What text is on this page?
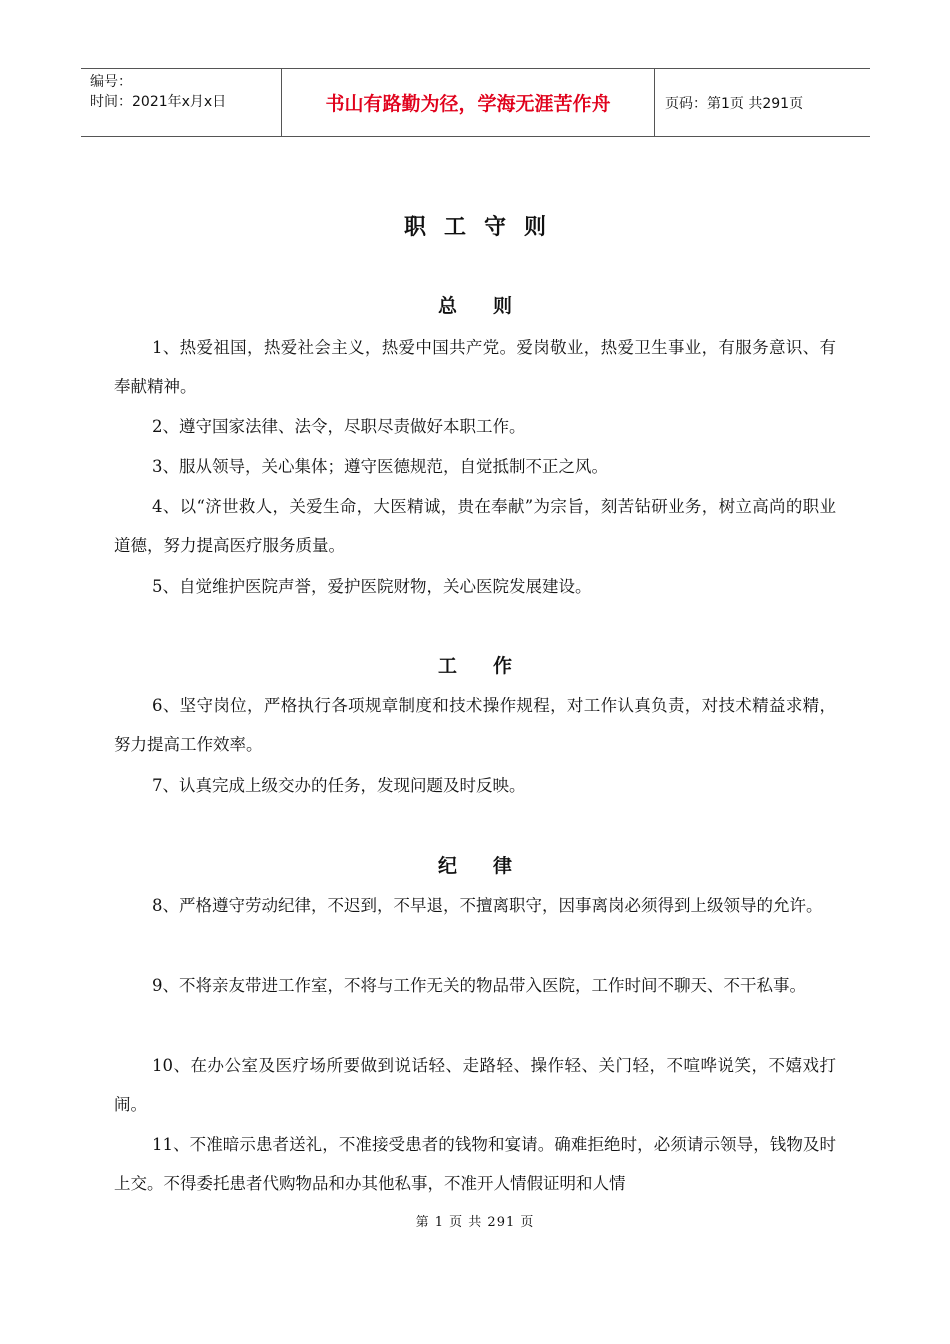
编号：
时间：2021年x月x日	书山有路勤为径，学海无涯苦作舟	页码：第1页 共291页
职工守则
总则

1、热爱祖国，热爱社会主义，热爱中国共产党。爱岗敬业，热爱卫生事业，有服务意识、有奉献精神。

2、遵守国家法律、法令，尽职尽责做好本职工作。

3、服从领导，关心集体；遵守医德规范，自觉抵制不正之风。

4、以“济世救人，关爱生命，大医精诚，贵在奉献”为宗旨，刻苦钻研业务，树立高尚的职业道德，努力提高医疗服务质量。

5、自觉维护医院声誉，爱护医院财物，关心医院发展建设。

工作

6、坚守岗位，严格执行各项规章制度和技术操作规程，对工作认真负责，对技术精益求精，努力提高工作效率。

7、认真完成上级交办的任务，发现问题及时反映。

纪律

8、严格遵守劳动纪律，不迟到，不早退，不擅离职守，因事离岗必须得到上级领导的允许。

9、不将亲友带进工作室，不将与工作无关的物品带入医院，工作时间不聊天、不干私事。

10、在办公室及医疗场所要做到说话轻、走路轻、操作轻、关门轻，不喧哗说笑，不嬉戏打闹。

11、不准暗示患者送礼，不准接受患者的钱物和宴请。确难拒绝时，必须请示领导，钱物及时上交。不得委托患者代购物品和办其他私事，不准开人情假证明和人情

第 1 页 共 291 页
